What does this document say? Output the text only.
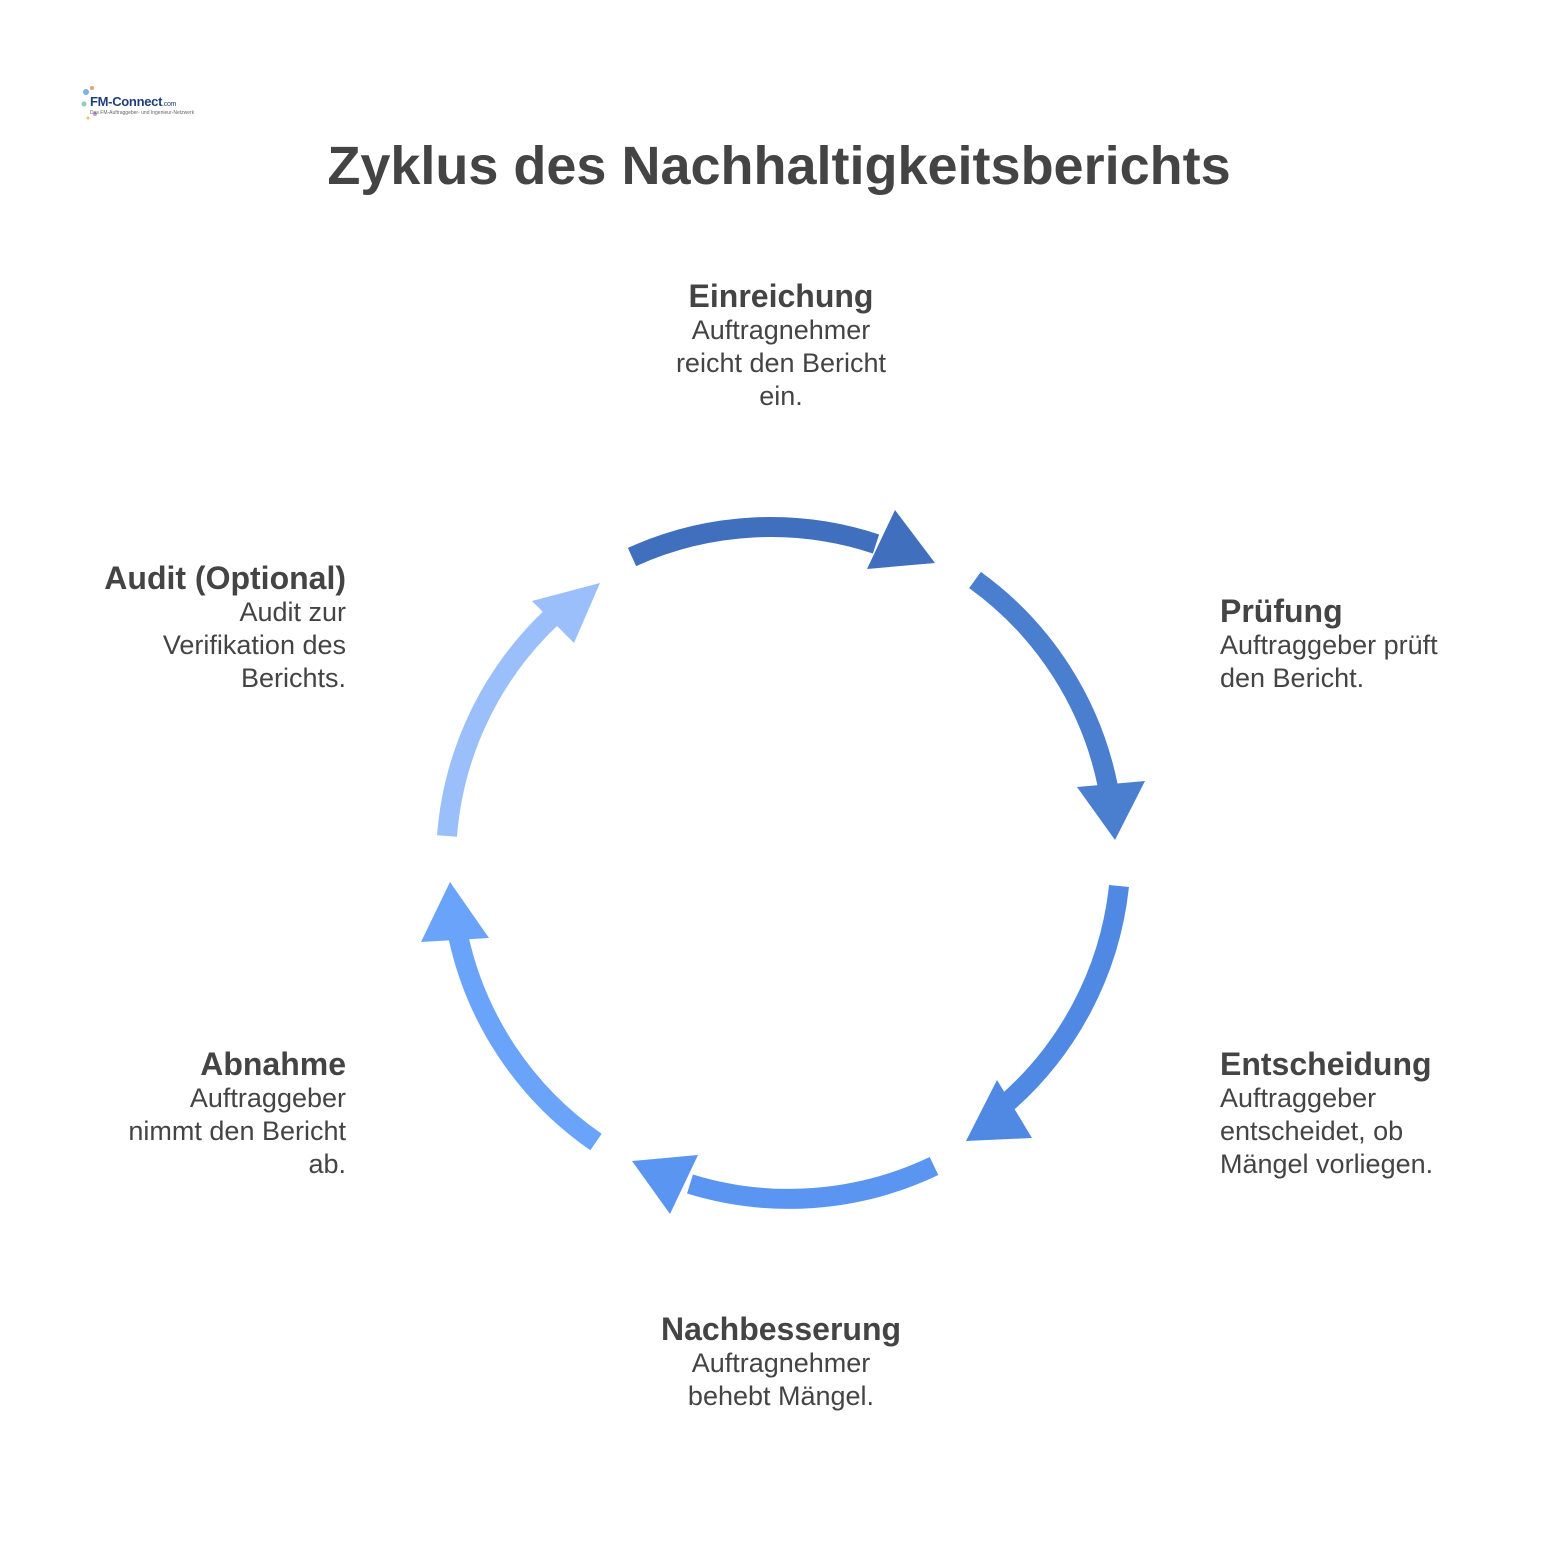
FM-Connect.com
Das FM-Auftraggeber- und Ingenieur-Netzwerk
Zyklus des Nachhaltigkeitsberichts
Einreichung
Auftragnehmer
reicht den Bericht
ein.
Prüfung
Auftraggeber prüft
den Bericht.
Entscheidung
Auftraggeber
entscheidet, ob
Mängel vorliegen.
Nachbesserung
Auftragnehmer
behebt Mängel.
Abnahme
Auftraggeber
nimmt den Bericht
ab.
Audit (Optional)
Audit zur
Verifikation des
Berichts.
